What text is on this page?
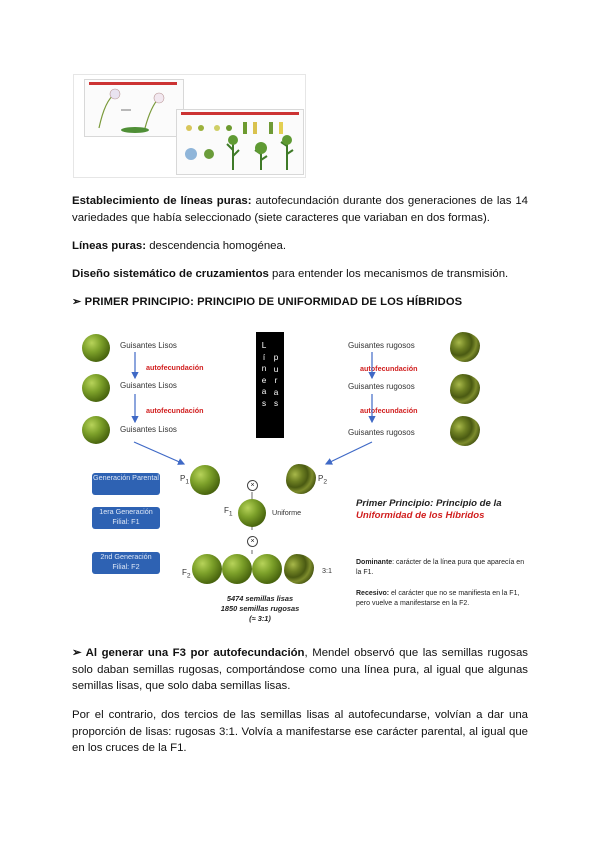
Establecimiento de líneas puras: autofecundación durante dos generaciones de las 14 variedades que había seleccionado (siete caracteres que variaban en dos formas).
Líneas puras: descendencia homogénea.
Diseño sistemático de cruzamientos para entender los mecanismos de transmisión.
➢ PRIMER PRINCIPIO: PRINCIPIO DE UNIFORMIDAD DE LOS HÍBRIDOS
Guisantes Lisos
Guisantes Lisos
Guisantes Lisos
autofecundación
autofecundación
L
í
n
e
a
s
p
u
r
a
s
Guisantes rugosos
Guisantes rugosos
Guisantes rugosos
autofecundación
autofecundación
Generación Parental
1era Generación Filial: F1
2nd Generación Filial: F2
$P_1$	×
$P_2$
$F_1$	Uniforme
×
$F_2$
3:1
5474 semillas lisas
1850 semillas rugosas
(≈ 3:1)
Primer Principio: Principio de la
Uniformidad de los Híbridos
Dominante: carácter de la línea pura que aparecía en la F1.
Recesivo: el carácter que no se manifiesta en la F1, pero vuelve a manifestarse en la F2.
➢ Al generar una F3 por autofecundación, Mendel observó que las semillas rugosas solo daban semillas rugosas, comportándose como una línea pura, al igual que algunas semillas lisas, que solo daba semillas lisas.
Por el contrario, dos tercios de las semillas lisas al autofecundarse, volvían a dar una proporción de lisas: rugosas 3:1. Volvía a manifestarse ese carácter parental, al igual que en los cruces de la F1.
